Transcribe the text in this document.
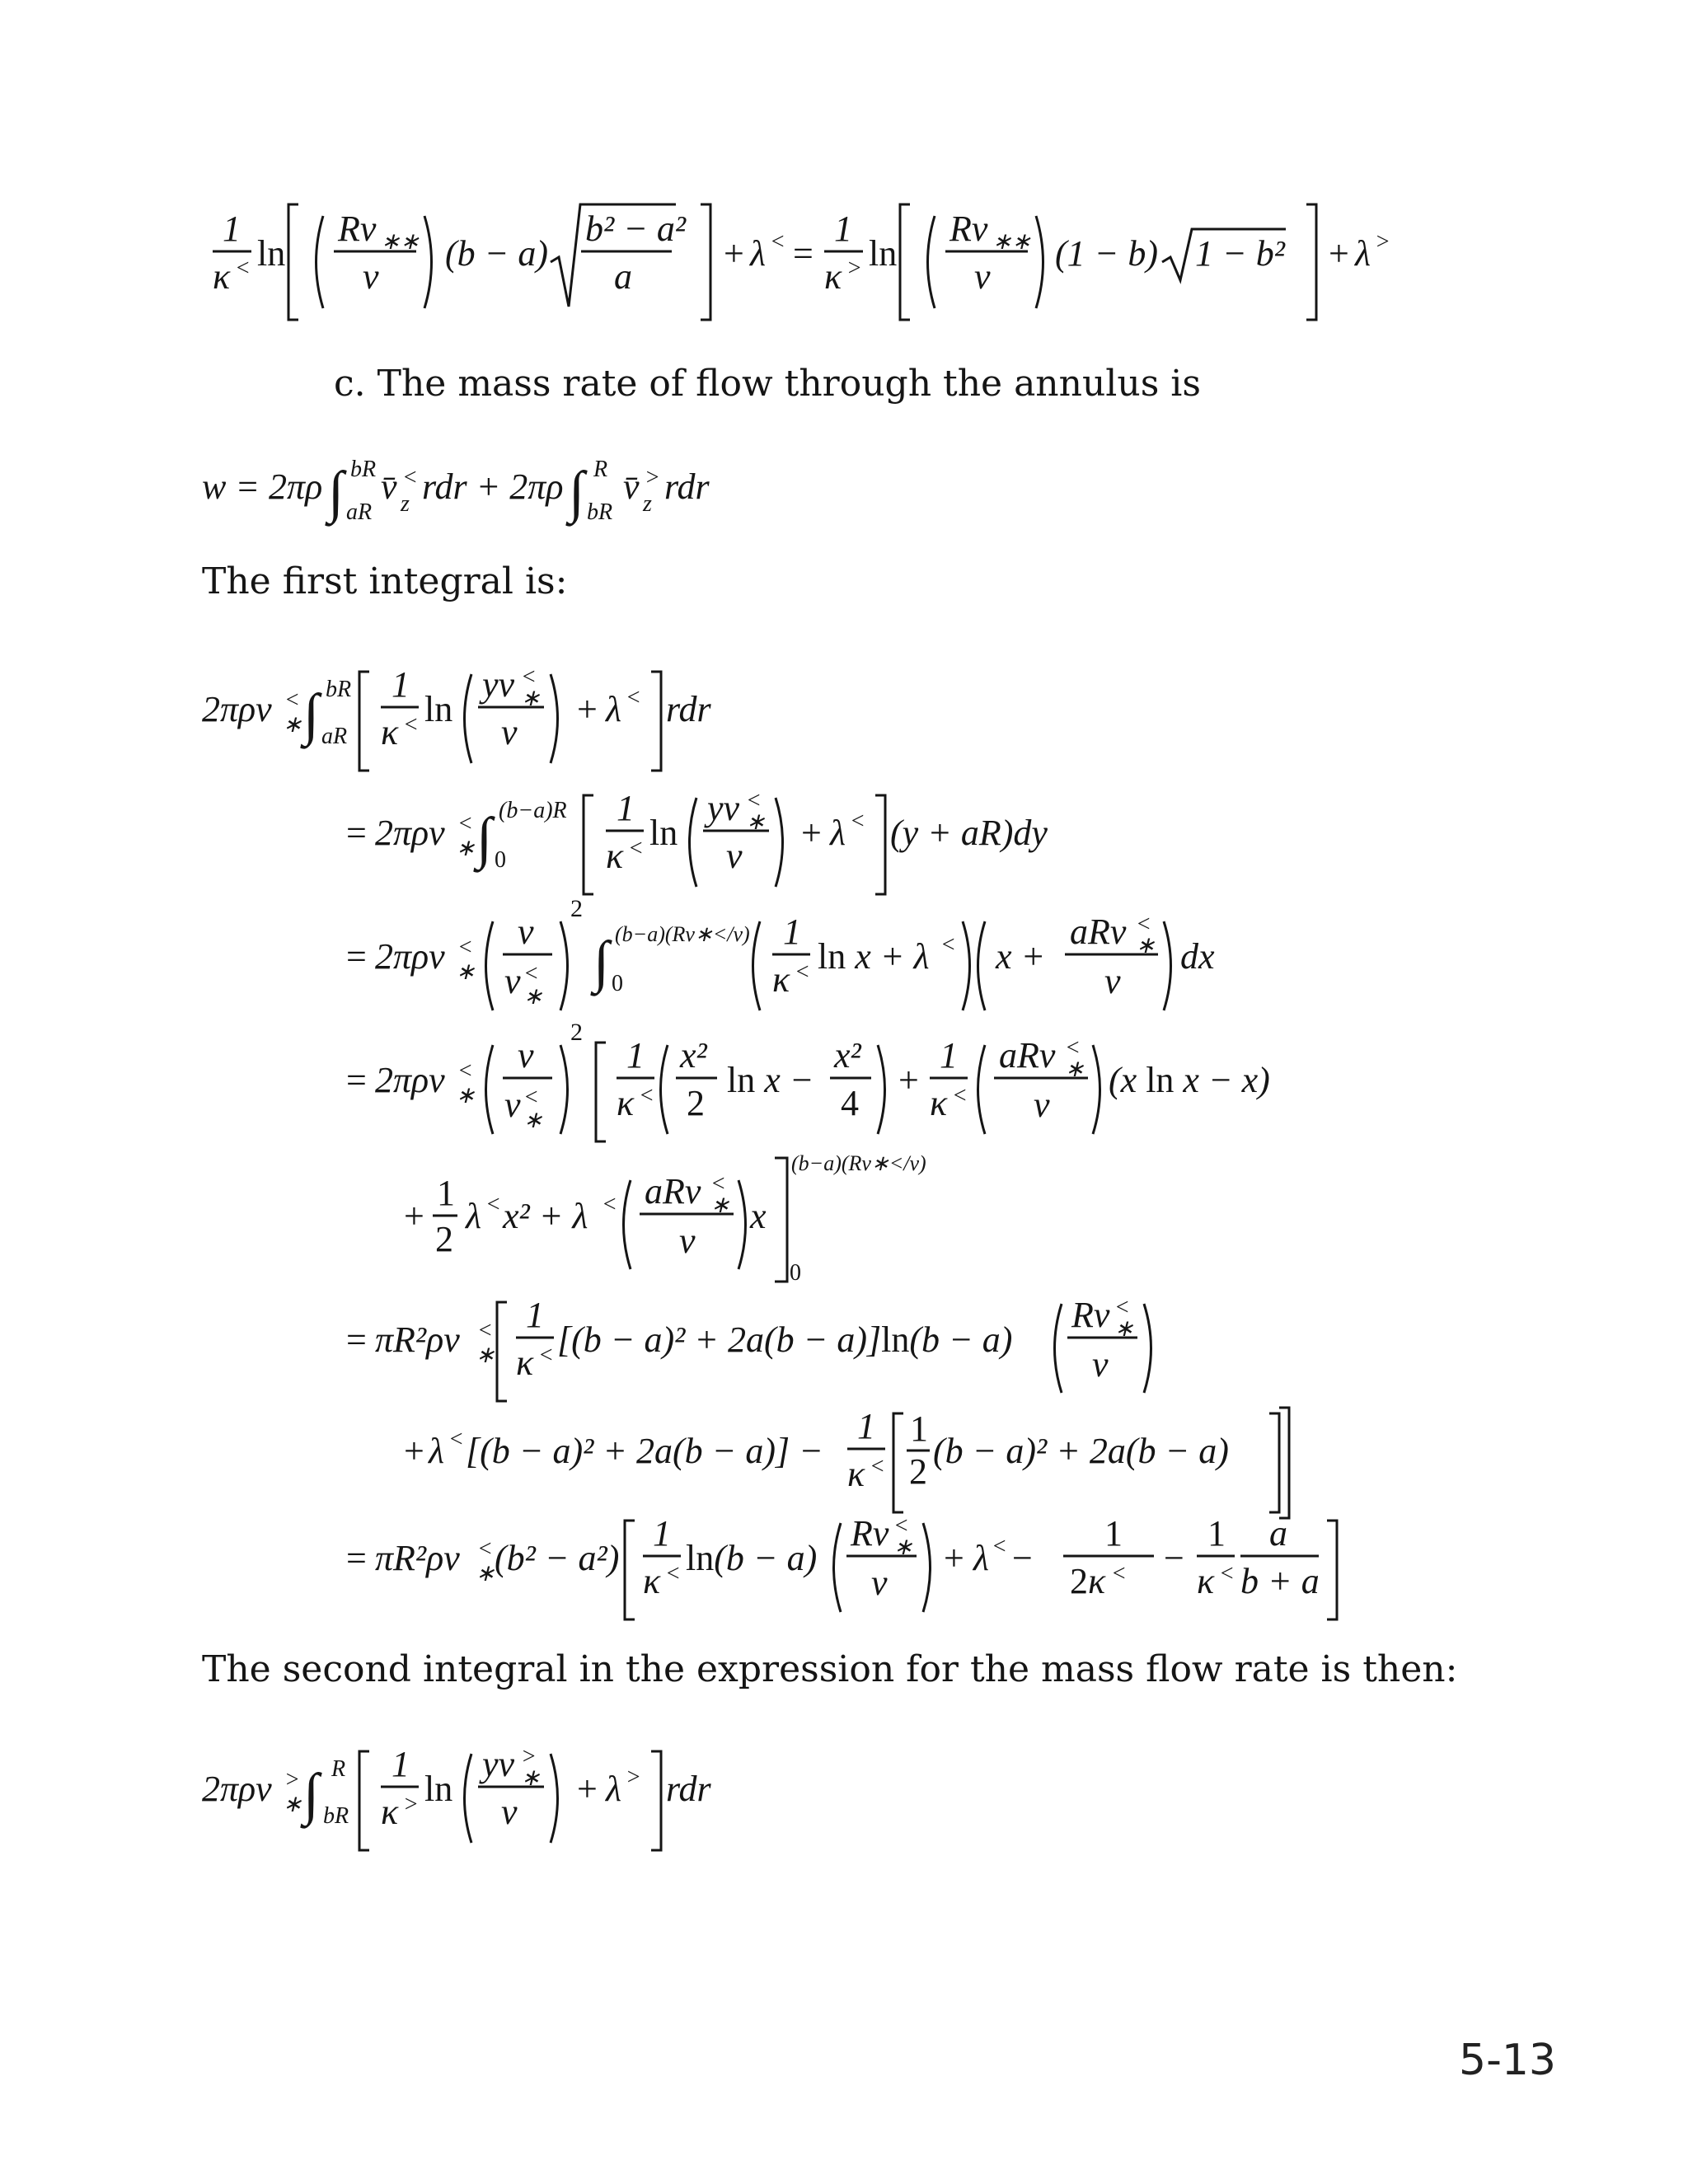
1
κ < ln
Rv ∗∗
ν
(b − a)
b² − a²
a
+ λ < =
1
κ > ln
Rv ∗∗
ν
(1 − b) 1 − b² + λ >
c. The mass rate of flow through the annulus is
w = 2πρ ∫ bR
aR
v̄ z
< rdr + 2πρ ∫ R
bR
v̄ z
> rdr
The first integral is:
2πρv ∗
< ∫ bR
aR
1
κ < ln
yv ∗
<
ν
+ λ < rdr
= 2πρv ∗
< ∫ (b−a)R
0
1
κ < ln
yv ∗
<
ν
+ λ < (y + aR)dy
= 2πρv ∗
< ν
v ∗
<
2
∫ (b−a)(Rv∗</ν)
0
1
κ < ln x + λ < x +
aRv ∗
<
ν
dx
= 2πρv ∗
< ν
v ∗
<
2
1
κ <
x²
2
ln x −
x²
4
+
1
κ <
aRv ∗
<
ν
(x ln x − x)
+
1
2
λ < x² + λ < aRv ∗
<
ν
x
(b−a)(Rv∗</ν)
0
= πR²ρv ∗
< 1
κ < [(b − a)² + 2a(b − a)]ln(b − a)
Rv ∗
<
ν
+ λ < [(b − a)² + 2a(b − a)] −
1
κ <
1
2
(b − a)² + 2a(b − a)
= πR²ρv ∗
< (b² − a²)
1
κ < ln(b − a)
Rv ∗
<
ν
+ λ < −
1
2κ < −
1
κ <
a
b + a
The second integral in the expression for the mass flow rate is then:
2πρv ∗
> ∫ R
bR
1
κ > ln
yv ∗
>
ν
+ λ > rdr
5-13
